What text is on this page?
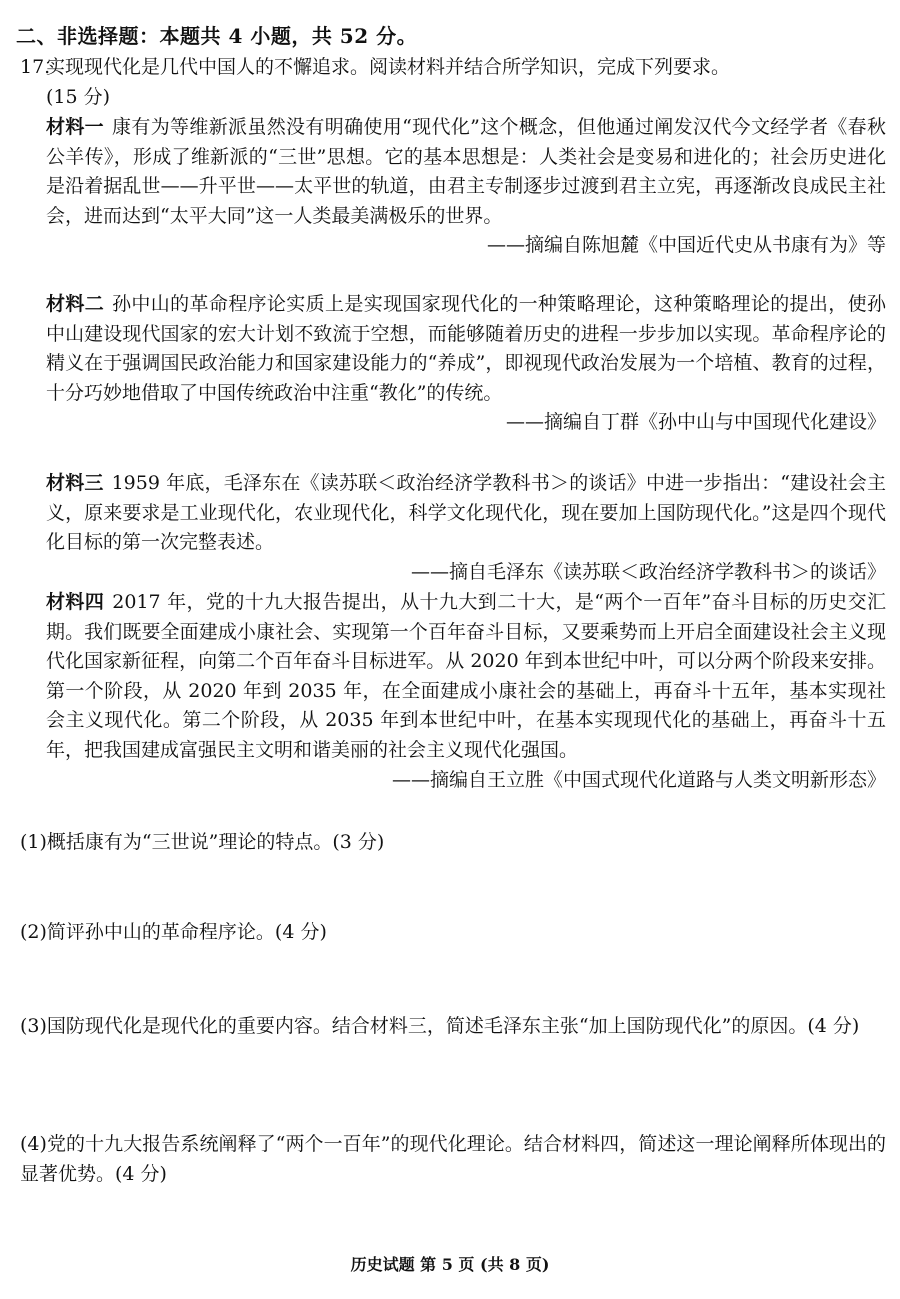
二、非选择题：本题共 4 小题，共 52 分。
17.实现现代化是几代中国人的不懈追求。阅读材料并结合所学知识，完成下列要求。
(15 分)
材料一 康有为等维新派虽然没有明确使用“现代化”这个概念，但他通过阐发汉代今文经学者《春秋公羊传》，形成了维新派的“三世”思想。它的基本思想是：人类社会是变易和进化的；社会历史进化是沿着据乱世——升平世——太平世的轨道，由君主专制逐步过渡到君主立宪，再逐渐改良成民主社会，进而达到“太平大同”这一人类最美满极乐的世界。
——摘编自陈旭麓《中国近代史从书康有为》等
材料二 孙中山的革命程序论实质上是实现国家现代化的一种策略理论，这种策略理论的提出，使孙中山建设现代国家的宏大计划不致流于空想，而能够随着历史的进程一步步加以实现。革命程序论的精义在于强调国民政治能力和国家建设能力的“养成”，即视现代政治发展为一个培植、教育的过程，十分巧妙地借取了中国传统政治中注重“教化”的传统。
——摘编自丁群《孙中山与中国现代化建设》
材料三 1959 年底，毛泽东在《读苏联＜政治经济学教科书＞的谈话》中进一步指出：“建设社会主义，原来要求是工业现代化，农业现代化，科学文化现代化，现在要加上国防现代化。”这是四个现代化目标的第一次完整表述。
——摘自毛泽东《读苏联＜政治经济学教科书＞的谈话》
材料四 2017 年，党的十九大报告提出，从十九大到二十大，是“两个一百年”奋斗目标的历史交汇期。我们既要全面建成小康社会、实现第一个百年奋斗目标，又要乘势而上开启全面建设社会主义现代化国家新征程，向第二个百年奋斗目标进军。从 2020 年到本世纪中叶，可以分两个阶段来安排。第一个阶段，从 2020 年到 2035 年，在全面建成小康社会的基础上，再奋斗十五年，基本实现社会主义现代化。第二个阶段，从 2035 年到本世纪中叶，在基本实现现代化的基础上，再奋斗十五年，把我国建成富强民主文明和谐美丽的社会主义现代化强国。
——摘编自王立胜《中国式现代化道路与人类文明新形态》
(1)概括康有为“三世说”理论的特点。(3 分)
(2)简评孙中山的革命程序论。(4 分)
(3)国防现代化是现代化的重要内容。结合材料三，简述毛泽东主张“加上国防现代化”的原因。(4 分)
(4)党的十九大报告系统阐释了“两个一百年”的现代化理论。结合材料四，简述这一理论阐释所体现出的显著优势。(4 分)
历史试题 第 5 页 (共 8 页)
